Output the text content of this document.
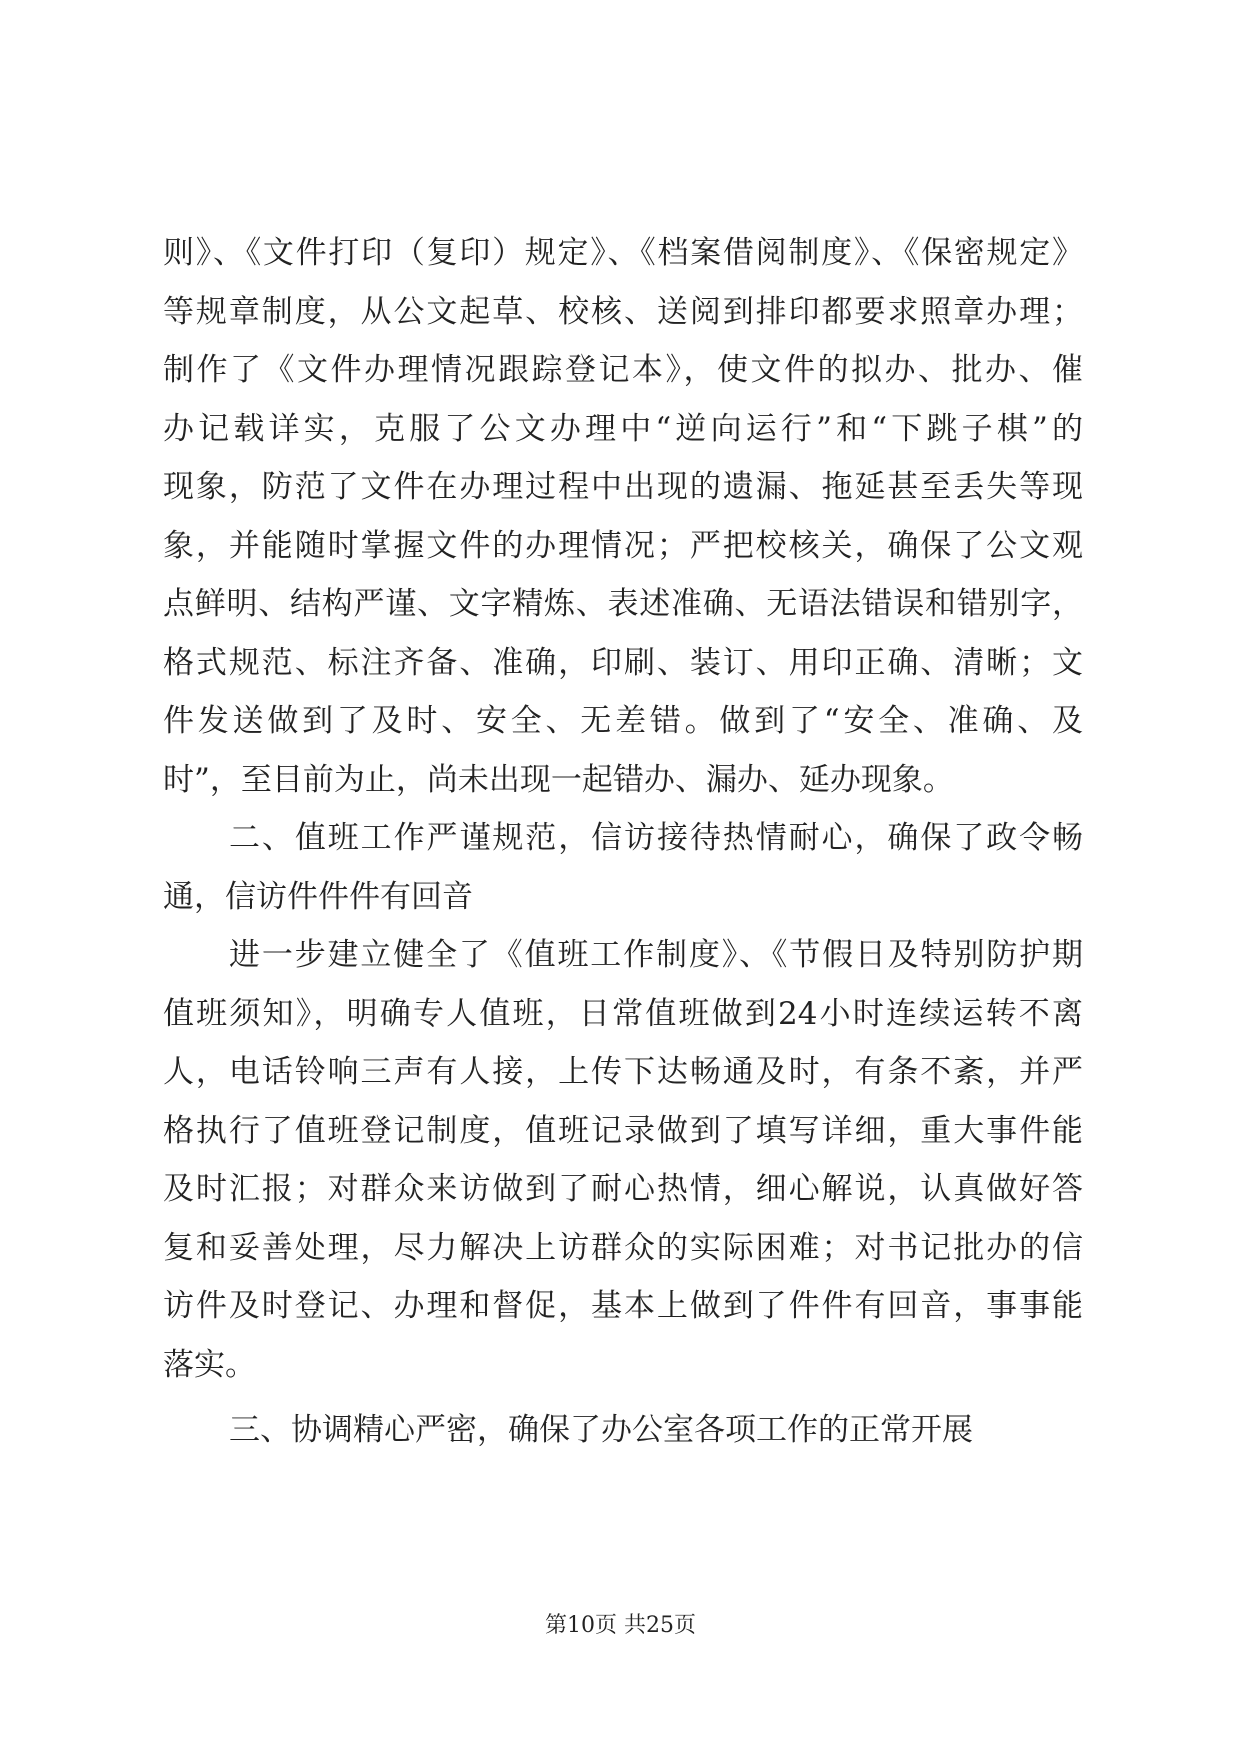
则》、《文件打印（复印）规定》、《档案借阅制度》、《保密规定》
等规章制度，从公文起草、校核、送阅到排印都要求照章办理；
制作了《文件办理情况跟踪登记本》，使文件的拟办、批办、催
办记载详实，克服了公文办理中“逆向运行”和“下跳子棋”的
现象，防范了文件在办理过程中出现的遗漏、拖延甚至丢失等现
象，并能随时掌握文件的办理情况；严把校核关，确保了公文观
点鲜明、结构严谨、文字精炼、表述准确、无语法错误和错别字，
格式规范、标注齐备、准确，印刷、装订、用印正确、清晰；文
件发送做到了及时、安全、无差错。做到了“安全、准确、及
时”，至目前为止，尚未出现一起错办、漏办、延办现象。
二、值班工作严谨规范，信访接待热情耐心，确保了政令畅
通，信访件件件有回音
进一步建立健全了《值班工作制度》、《节假日及特别防护期
值班须知》，明确专人值班，日常值班做到24小时连续运转不离
人，电话铃响三声有人接，上传下达畅通及时，有条不紊，并严
格执行了值班登记制度，值班记录做到了填写详细，重大事件能
及时汇报；对群众来访做到了耐心热情，细心解说，认真做好答
复和妥善处理，尽力解决上访群众的实际困难；对书记批办的信
访件及时登记、办理和督促，基本上做到了件件有回音，事事能
落实。
三、协调精心严密，确保了办公室各项工作的正常开展
第10页 共25页
